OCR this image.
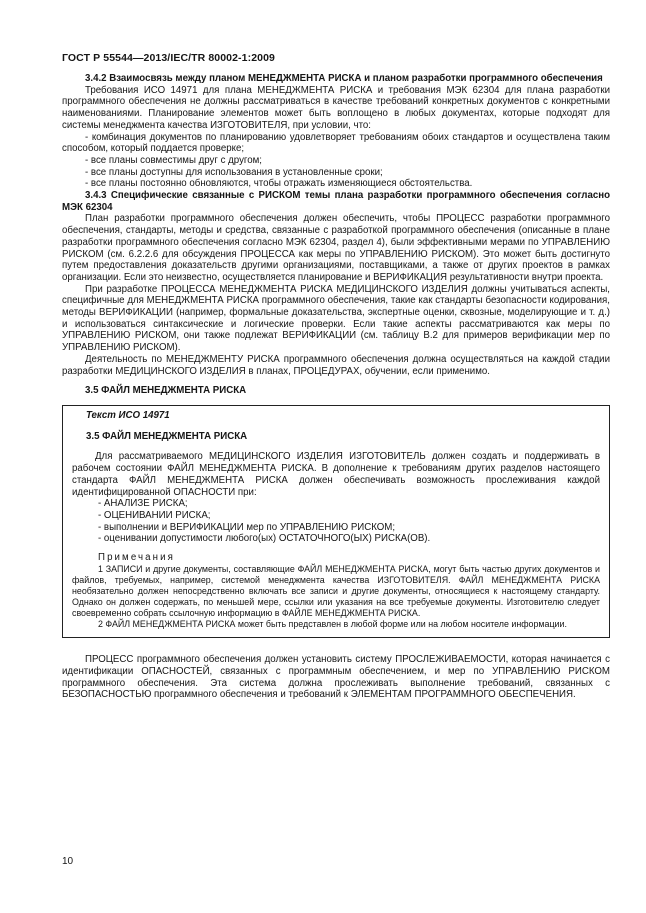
ГОСТ Р 55544—2013/IEC/TR 80002-1:2009

3.4.2 Взаимосвязь между планом МЕНЕДЖМЕНТА РИСКА и планом разработки программного обеспечения

Требования ИСО 14971 для плана МЕНЕДЖМЕНТА РИСКА и требования МЭК 62304 для плана разработки программного обеспечения не должны рассматриваться в качестве требований конкретных документов с конкретными наименованиями. Планирование элементов может быть воплощено в любых документах, которые подходят для системы менеджмента качества ИЗГОТОВИТЕЛЯ, при условии, что:

- комбинация документов по планированию удовлетворяет требованиям обоих стандартов и осуществлена таким способом, который поддается проверке;

- все планы совместимы друг с другом;

- все планы доступны для использования в установленные сроки;

- все планы постоянно обновляются, чтобы отражать изменяющиеся обстоятельства.

3.4.3 Специфические связанные с РИСКОМ темы плана разработки программного обеспечения согласно МЭК 62304

План разработки программного обеспечения должен обеспечить, чтобы ПРОЦЕСС разработки программного обеспечения, стандарты, методы и средства, связанные с разработкой программного обеспечения (описанные в плане разработки программного обеспечения согласно МЭК 62304, раздел 4), были эффективными мерами по УПРАВЛЕНИЮ РИСКОМ (см. 6.2.2.6 для обсуждения ПРОЦЕССА как меры по УПРАВЛЕНИЮ РИСКОМ). Это может быть достигнуто путем предоставления доказательств другими организациями, поставщиками, а также от других проектов в рамках организации. Если это неизвестно, осуществляется планирование и ВЕРИФИКАЦИЯ результативности внутри проекта.

При разработке ПРОЦЕССА МЕНЕДЖМЕНТА РИСКА МЕДИЦИНСКОГО ИЗДЕЛИЯ должны учитываться аспекты, специфичные для МЕНЕДЖМЕНТА РИСКА программного обеспечения, такие как стандарты безопасности кодирования, методы ВЕРИФИКАЦИИ (например, формальные доказательства, экспертные оценки, сквозные, моделирующие и т. д.) и использоваться синтаксические и логические проверки. Если такие аспекты рассматриваются как меры по УПРАВЛЕНИЮ РИСКОМ, они также подлежат ВЕРИФИКАЦИИ (см. таблицу В.2 для примеров верификации мер по УПРАВЛЕНИЮ РИСКОМ).

Деятельность по МЕНЕДЖМЕНТУ РИСКА программного обеспечения должна осуществляться на каждой стадии разработки МЕДИЦИНСКОГО ИЗДЕЛИЯ в планах, ПРОЦЕДУРАХ, обучении, если применимо.

3.5 ФАЙЛ МЕНЕДЖМЕНТА РИСКА

Текст ИСО 14971

3.5 ФАЙЛ МЕНЕДЖМЕНТА РИСКА

Для рассматриваемого МЕДИЦИНСКОГО ИЗДЕЛИЯ ИЗГОТОВИТЕЛЬ должен создать и поддерживать в рабочем состоянии ФАЙЛ МЕНЕДЖМЕНТА РИСКА. В дополнение к требованиям других разделов настоящего стандарта ФАЙЛ МЕНЕДЖМЕНТА РИСКА должен обеспечивать возможность прослеживания каждой идентифицированной ОПАСНОСТИ при:

- АНАЛИЗЕ РИСКА;

- ОЦЕНИВАНИИ РИСКА;

- выполнении и ВЕРИФИКАЦИИ мер по УПРАВЛЕНИЮ РИСКОМ;

- оценивании допустимости любого(ых) ОСТАТОЧНОГО(ЫХ) РИСКА(ОВ).

Примечания

1 ЗАПИСИ и другие документы, составляющие ФАЙЛ МЕНЕДЖМЕНТА РИСКА, могут быть частью других документов и файлов, требуемых, например, системой менеджмента качества ИЗГОТОВИТЕЛЯ. ФАЙЛ МЕНЕДЖМЕНТА РИСКА необязательно должен непосредственно включать все записи и другие документы, относящиеся к настоящему стандарту. Однако он должен содержать, по меньшей мере, ссылки или указания на все требуемые документы. Изготовителю следует своевременно собрать ссылочную информацию в ФАЙЛЕ МЕНЕДЖМЕНТА РИСКА.

2 ФАЙЛ МЕНЕДЖМЕНТА РИСКА может быть представлен в любой форме или на любом носителе информации.

ПРОЦЕСС программного обеспечения должен установить систему ПРОСЛЕЖИВАЕМОСТИ, которая начинается с идентификации ОПАСНОСТЕЙ, связанных с программным обеспечением, и мер по УПРАВЛЕНИЮ РИСКОМ программного обеспечения. Эта система должна прослеживать выполнение требований, связанных с БЕЗОПАСНОСТЬЮ программного обеспечения и требований к ЭЛЕМЕНТАМ ПРОГРАММНОГО ОБЕСПЕЧЕНИЯ.

10
